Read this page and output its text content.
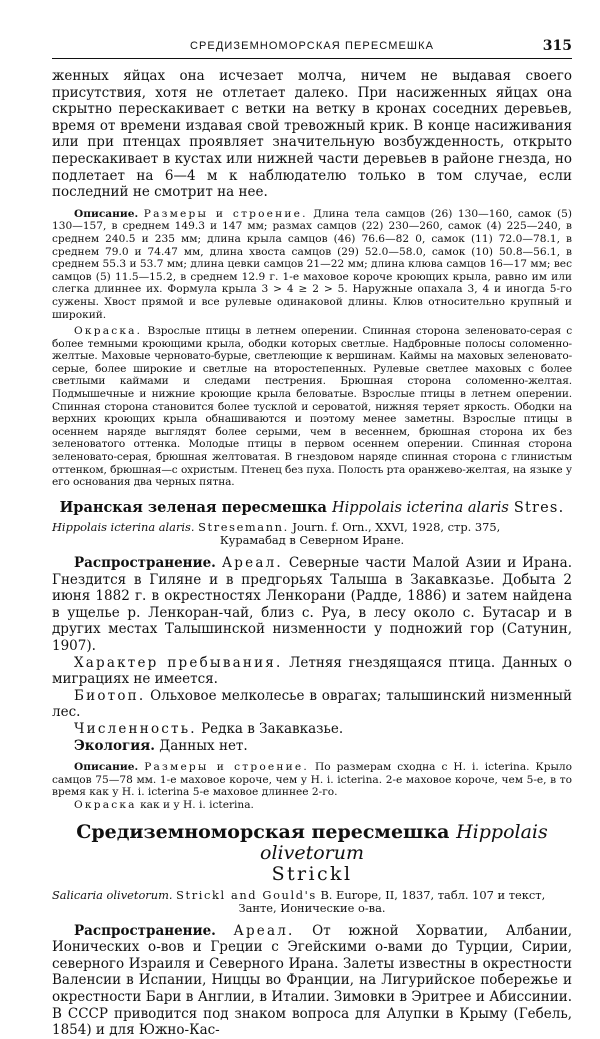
СРЕДИЗЕМНОМОРСКАЯ ПЕРЕСМЕШКА	315

женных яйцах она исчезает молча, ничем не выдавая своего присутствия, хотя не отлетает далеко. При насиженных яйцах она скрытно перескакивает с ветки на ветку в кронах соседних деревьев, время от времени издавая свой тревожный крик. В конце насиживания или при птенцах проявляет значительную возбужденность, открыто перескакивает в кустах или нижней части деревьев в районе гнезда, но подлетает на 6—4 м к наблюдателю только в том случае, если последний не смотрит на нее.

Описание. Размеры и строение. Длина тела самцов (26) 130—160, самок (5) 130—157, в среднем 149.3 и 147 мм; размах самцов (22) 230—260, самок (4) 225—240, в среднем 240.5 и 235 мм; длина крыла самцов (46) 76.6—82 0, самок (11) 72.0—78.1, в среднем 79.0 и 74.47 мм, длина хвоста самцов (29) 52.0—58.0, самок (10) 50.8—56.1, в среднем 55.3 и 53.7 мм; длина цевки самцов 21—22 мм; длина клюва самцов 16—17 мм; вес самцов (5) 11.5—15.2, в среднем 12.9 г. 1-е маховое короче кроющих крыла, равно им или слегка длиннее их. Формула крыла 3 > 4 ≥ 2 > 5. Наружные опахала 3, 4 и иногда 5-го сужены. Хвост прямой и все рулевые одинаковой длины. Клюв относительно крупный и широкий.

Окраска. Взрослые птицы в летнем оперении. Спинная сторона зеленовато-серая с более темными кроющими крыла, ободки которых светлые. Надбровные полосы соломенно-желтые. Маховые черновато-бурые, светлеющие к вершинам. Каймы на маховых зеленовато-серые, более широкие и светлые на второстепенных. Рулевые светлее маховых с более светлыми каймами и следами пестрения. Брюшная сторона соломенно-желтая. Подмышечные и нижние кроющие крыла беловатые. Взрослые птицы в летнем оперении. Спинная сторона становится более тусклой и сероватой, нижняя теряет яркость. Ободки на верхних кроющих крыла обнашиваются и поэтому менее заметны. Взрослые птицы в осеннем наряде выглядят более серыми, чем в весеннем, брюшная сторона их без зеленоватого оттенка. Молодые птицы в первом осеннем оперении. Спинная сторона зеленовато-серая, брюшная желтоватая. В гнездовом наряде спинная сторона с глинистым оттенком, брюшная—с охристым. Птенец без пуха. Полость рта оранжево-желтая, на языке у его основания два черных пятна.

Иранская зеленая пересмешка Hippolais icterina alaris Stres.

Hippolais icterina alaris. Stresemann. Journ. f. Orn., XXVI, 1928, стр. 375,
Курамабад в Северном Иране.

Распространение. Ареал. Северные части Малой Азии и Ирана. Гнездится в Гиляне и в предгорьях Талыша в Закавказье. Добыта 2 июня 1882 г. в окрестностях Ленкорани (Радде, 1886) и затем найдена в ущелье р. Ленкоран-чай, близ с. Руа, в лесу около с. Бутасар и в других местах Талышинской низменности у подножий гор (Сатунин, 1907).

Характер пребывания. Летняя гнездящаяся птица. Данных о миграциях не имеется.

Биотоп. Ольховое мелколесье в оврагах; талышинский низменный лес.

Численность. Редка в Закавказье.

Экология. Данных нет.

Описание. Размеры и строение. По размерам сходна с H. i. icterina. Крыло самцов 75—78 мм. 1-е маховое короче, чем у H. i. icterina. 2-е маховое короче, чем 5-е, в то время как у H. i. icterina 5-е маховое длиннее 2-го.

Окраска как и у H. i. icterina.

Средиземноморская пересмешка Hippolais olivetorum
Strickl

Salicaria olivetorum. Strickl and Gould's B. Europe, II, 1837, табл. 107 и текст,
Занте, Ионические о-ва.

Распространение. Ареал. От южной Хорватии, Албании, Ионических о-вов и Греции с Эгейскими о-вами до Турции, Сирии, северного Израиля и Северного Ирана. Залеты известны в окрестности Валенсии в Испании, Ниццы во Франции, на Лигурийское побережье и окрестности Бари в Англии, в Италии. Зимовки в Эритрее и Абиссинии. В СССР приводится под знаком вопроса для Алупки в Крыму (Гебель, 1854) и для Южно-Кас-
